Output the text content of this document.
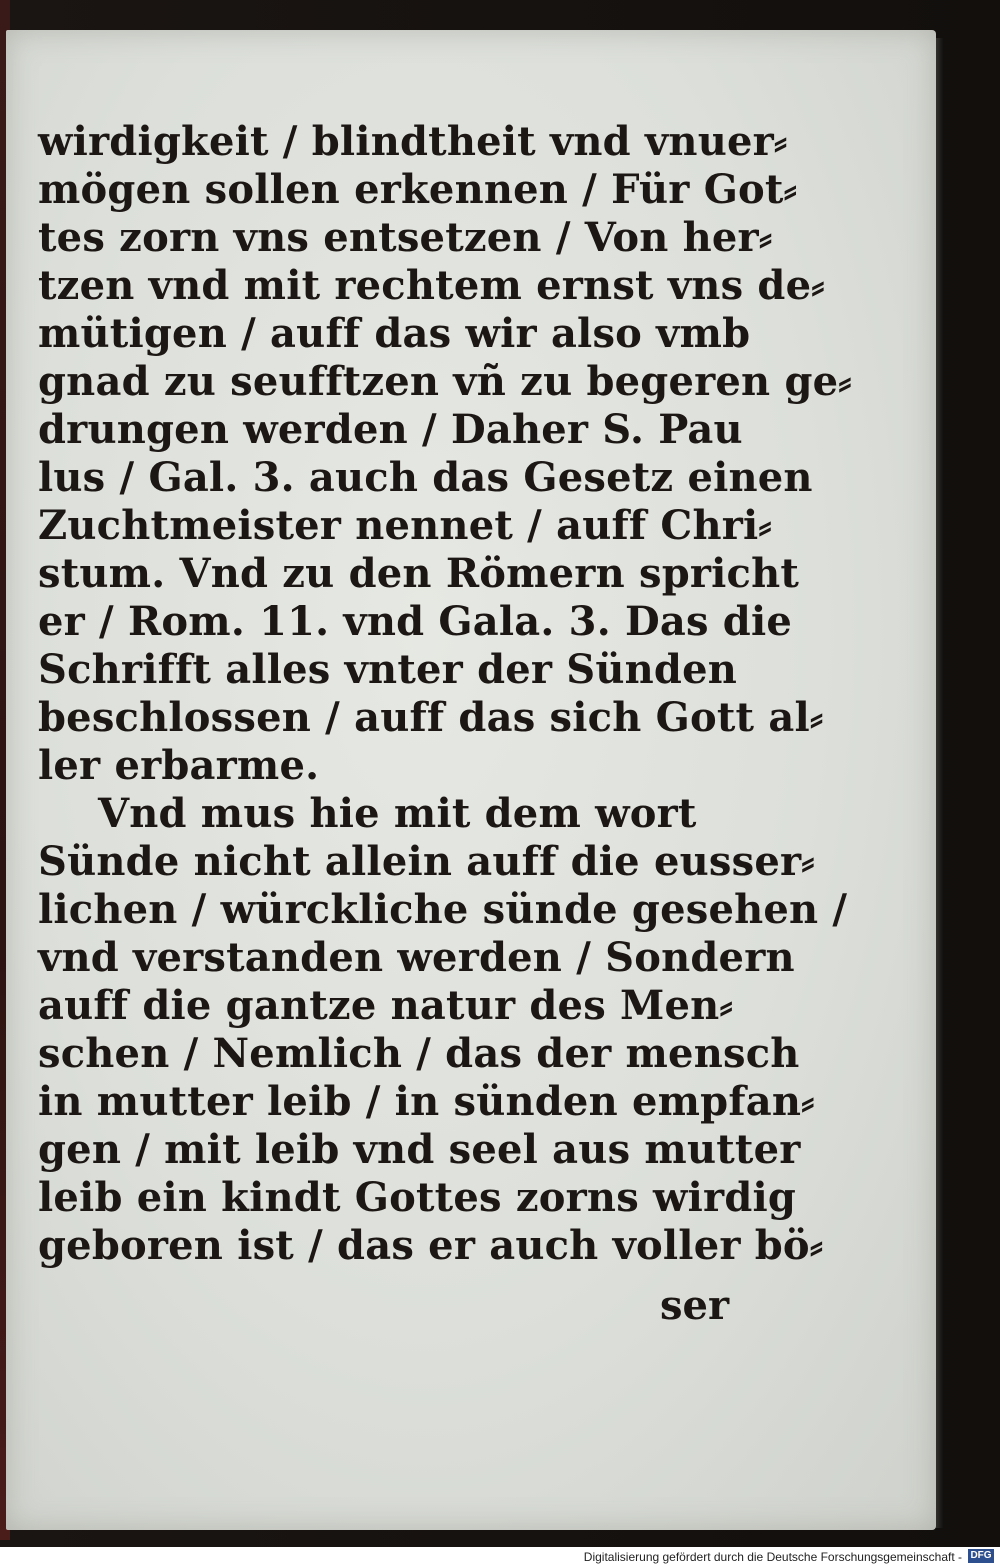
wirdigkeit / blindtheit vnd vnuer⸗
mögen sollen erkennen / Für Got⸗
tes zorn vns entsetzen / Von her⸗
tzen vnd mit rechtem ernst vns de⸗
mütigen / auff das wir also vmb
gnad zu seufftzen vñ zu begeren ge⸗
drungen werden / Daher S. Pau
lus / Gal. 3. auch das Gesetz einen
Zuchtmeister nennet / auff Chri⸗
stum. Vnd zu den Römern spricht
er / Rom. 11. vnd Gala. 3. Das die
Schrifft alles vnter der Sünden
beschlossen / auff das sich Gott al⸗
ler erbarme.
Vnd mus hie mit dem wort
Sünde nicht allein auff die eusser⸗
lichen / würckliche sünde gesehen /
vnd verstanden werden / Sondern
auff die gantze natur des Men⸗
schen / Nemlich / das der mensch
in mutter leib / in sünden empfan⸗
gen / mit leib vnd seel aus mutter
leib ein kindt Gottes zorns wirdig
geboren ist / das er auch voller bö⸗
ser
Digitalisierung gefördert durch die Deutsche Forschungsgemeinschaft - DFG
